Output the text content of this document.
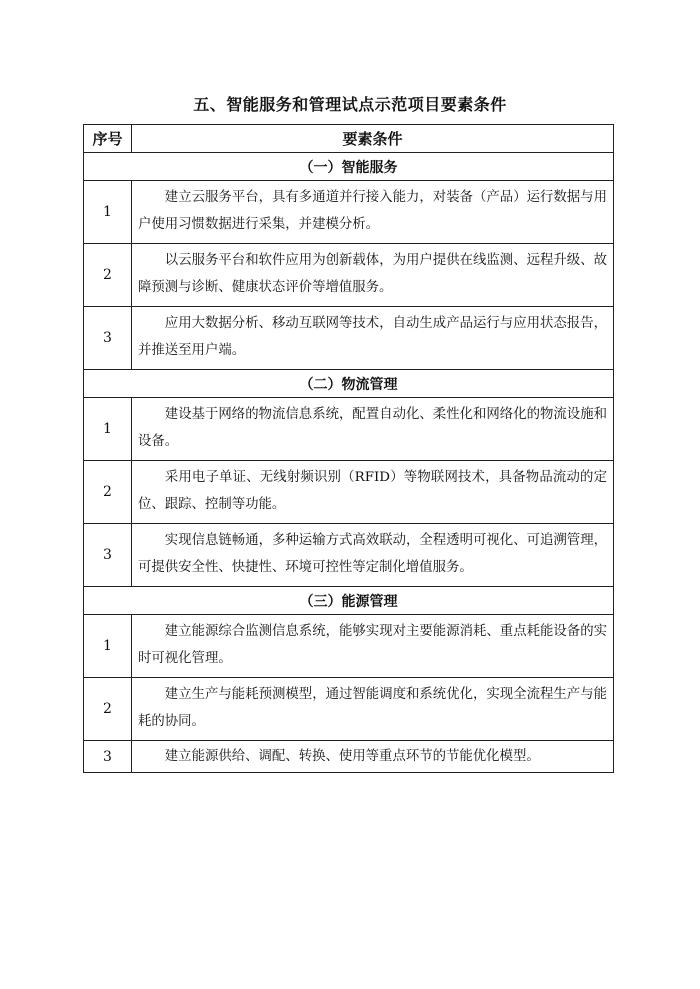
五、智能服务和管理试点示范项目要素条件
序号	要素条件
（一）智能服务	
1	建立云服务平台，具有多通道并行接入能力，对装备（产品）运行数据与用户使用习惯数据进行采集，并建模分析。
2	以云服务平台和软件应用为创新载体，为用户提供在线监测、远程升级、故障预测与诊断、健康状态评价等增值服务。
3	应用大数据分析、移动互联网等技术，自动生成产品运行与应用状态报告，并推送至用户端。
（二）物流管理	
1	建设基于网络的物流信息系统，配置自动化、柔性化和网络化的物流设施和设备。
2	采用电子单证、无线射频识别（RFID）等物联网技术，具备物品流动的定位、跟踪、控制等功能。
3	实现信息链畅通，多种运输方式高效联动，全程透明可视化、可追溯管理，可提供安全性、快捷性、环境可控性等定制化增值服务。
（三）能源管理	
1	建立能源综合监测信息系统，能够实现对主要能源消耗、重点耗能设备的实时可视化管理。
2	建立生产与能耗预测模型，通过智能调度和系统优化，实现全流程生产与能耗的协同。
3	建立能源供给、调配、转换、使用等重点环节的节能优化模型。
